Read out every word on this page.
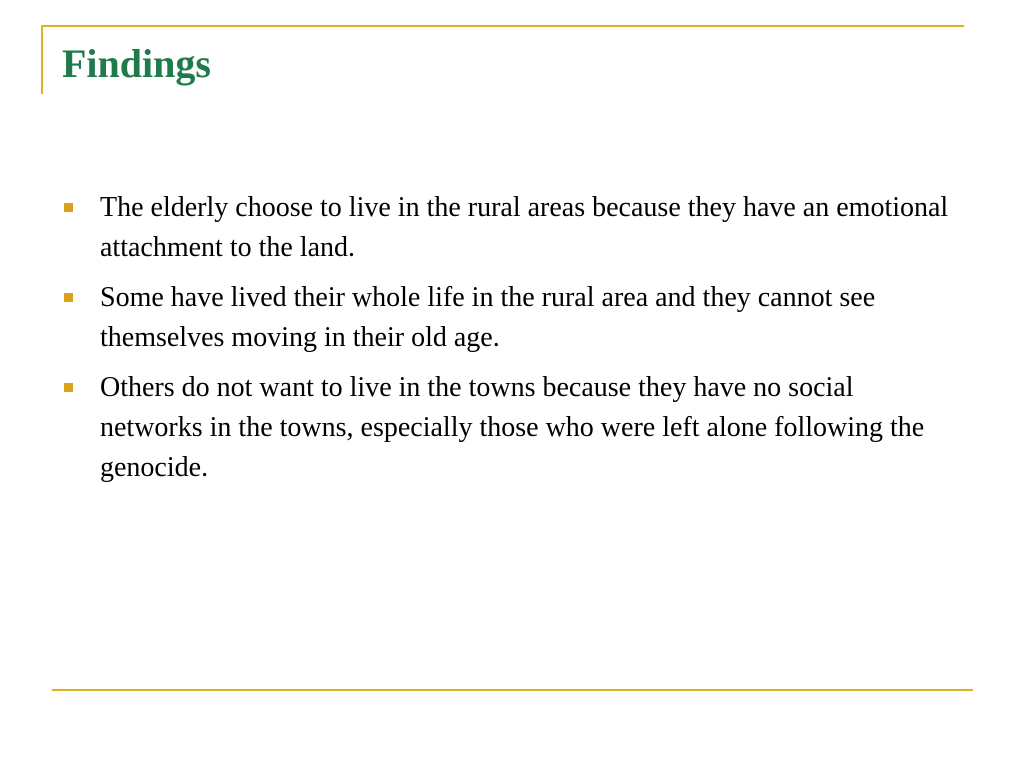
Findings
The elderly choose to live in the rural areas because they have an emotional attachment to the land.
Some have lived their whole life in the rural area and they cannot see themselves moving in their old age.
Others do not want to live in the towns because they have no social networks in the towns, especially those who were left alone following the genocide.
